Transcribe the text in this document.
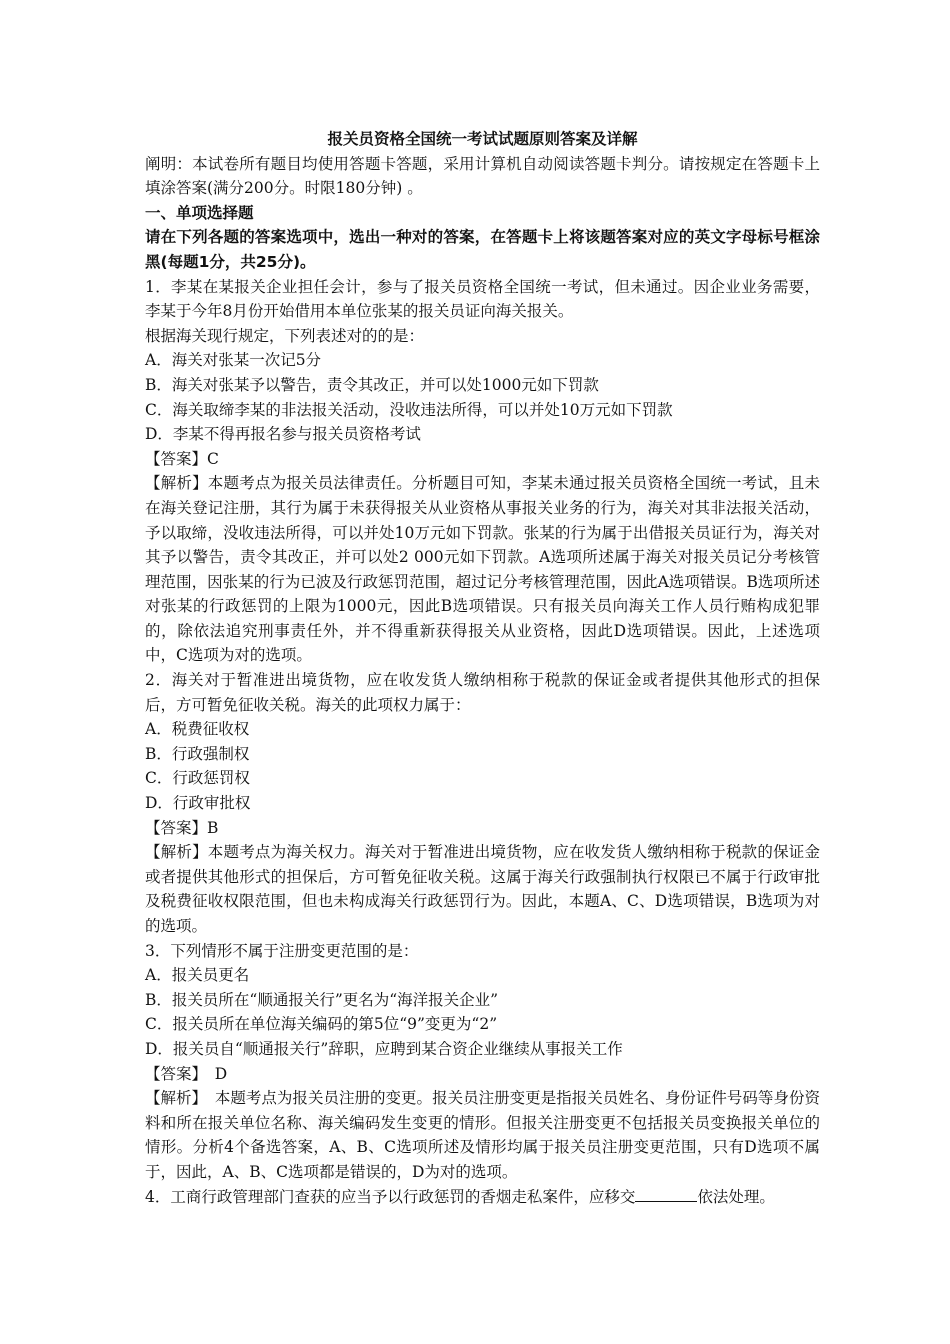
报关员资格全国统一考试试题原则答案及详解
阐明：本试卷所有题目均使用答题卡答题，采用计算机自动阅读答题卡判分。请按规定在答题卡上填涂答案(满分200分。时限180分钟) 。
一、单项选择题
请在下列各题的答案选项中，选出一种对的答案，在答题卡上将该题答案对应的英文字母标号框涂黑(每题1分，共25分)。
1．李某在某报关企业担任会计，参与了报关员资格全国统一考试，但未通过。因企业业务需要，李某于今年8月份开始借用本单位张某的报关员证向海关报关。
根据海关现行规定，下列表述对的的是：
A．海关对张某一次记5分
B．海关对张某予以警告，责令其改正，并可以处1000元如下罚款
C．海关取缔李某的非法报关活动，没收违法所得，可以并处10万元如下罚款
D．李某不得再报名参与报关员资格考试
【答案】C
【解析】本题考点为报关员法律责任。分析题目可知，李某未通过报关员资格全国统一考试，且未在海关登记注册，其行为属于未获得报关从业资格从事报关业务的行为，海关对其非法报关活动，予以取缔，没收违法所得，可以并处10万元如下罚款。张某的行为属于出借报关员证行为，海关对其予以警告，责令其改正，并可以处2 000元如下罚款。A选项所述属于海关对报关员记分考核管理范围，因张某的行为已波及行政惩罚范围，超过记分考核管理范围，因此A选项错误。B选项所述对张某的行政惩罚的上限为1000元，因此B选项错误。只有报关员向海关工作人员行贿构成犯罪的，除依法追究刑事责任外，并不得重新获得报关从业资格，因此D选项错误。因此，上述选项中，C选项为对的选项。
2．海关对于暂准进出境货物，应在收发货人缴纳相称于税款的保证金或者提供其他形式的担保后，方可暂免征收关税。海关的此项权力属于：
A．税费征收权
B．行政强制权
C．行政惩罚权
D．行政审批权
【答案】B
【解析】本题考点为海关权力。海关对于暂准进出境货物，应在收发货人缴纳相称于税款的保证金或者提供其他形式的担保后，方可暂免征收关税。这属于海关行政强制执行权限已不属于行政审批及税费征收权限范围，但也未构成海关行政惩罚行为。因此，本题A、C、D选项错误，B选项为对的选项。
3．下列情形不属于注册变更范围的是：
A．报关员更名
B．报关员所在“顺通报关行”更名为“海洋报关企业”
C．报关员所在单位海关编码的第5位“9”变更为“2”
D．报关员自“顺通报关行”辞职，应聘到某合资企业继续从事报关工作
【答案】　D
【解析】　本题考点为报关员注册的变更。报关员注册变更是指报关员姓名、身份证件号码等身份资料和所在报关单位名称、海关编码发生变更的情形。但报关注册变更不包括报关员变换报关单位的情形。分析4个备选答案，A、B、C选项所述及情形均属于报关员注册变更范围，只有D选项不属于，因此，A、B、C选项都是错误的，D为对的选项。
4．工商行政管理部门查获的应当予以行政惩罚的香烟走私案件，应移交	依法处理。
